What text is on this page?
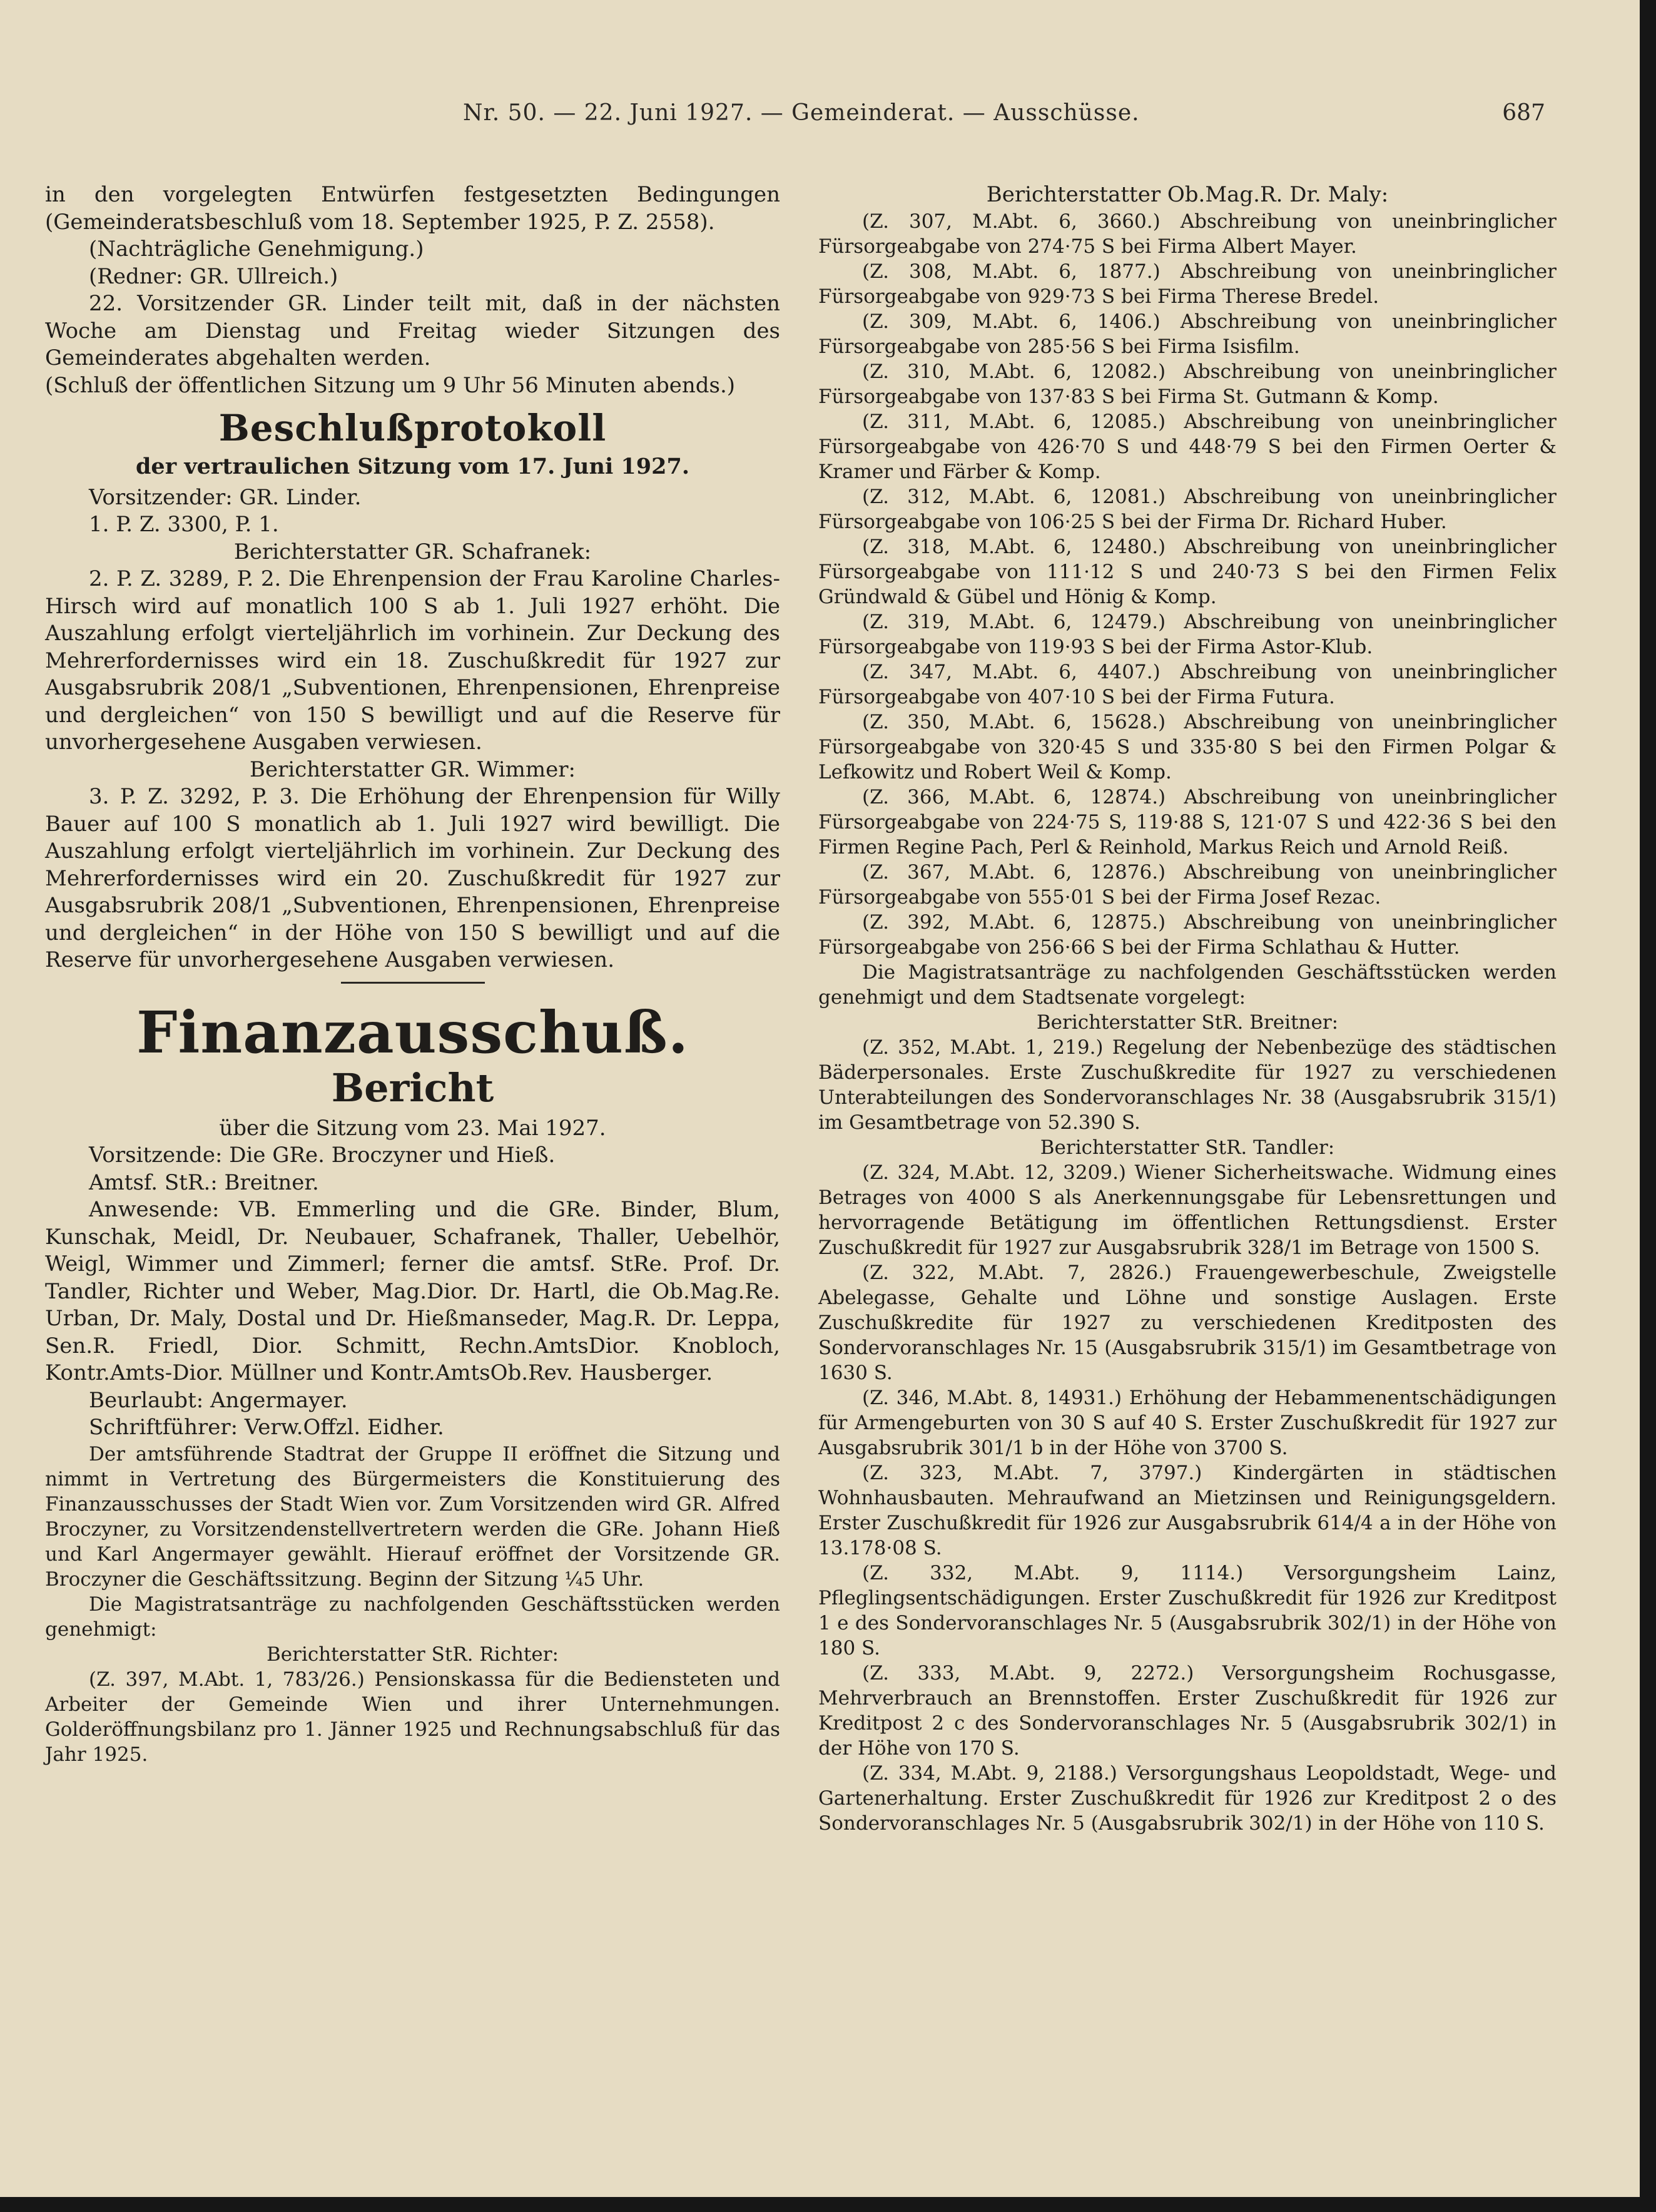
Nr. 50. — 22. Juni 1927. — Gemeinderat. — Ausschüsse.	687

in den vorgelegten Entwürfen festgesetzten Bedingungen (Gemeinderatsbeschluß vom 18. September 1925, P. Z. 2558).

(Nachträgliche Genehmigung.)

(Redner: GR. Ullreich.)

22. Vorsitzender GR. Linder teilt mit, daß in der nächsten Woche am Dienstag und Freitag wieder Sitzungen des Gemeinderates abgehalten werden.

(Schluß der öffentlichen Sitzung um 9 Uhr 56 Minuten abends.)

Beschlußprotokoll
der vertraulichen Sitzung vom 17. Juni 1927.

Vorsitzender: GR. Linder.

1. P. Z. 3300, P. 1.

Berichterstatter GR. Schafranek:

2. P. Z. 3289, P. 2. Die Ehrenpension der Frau Karoline Charles-Hirsch wird auf monatlich 100 S ab 1. Juli 1927 erhöht. Die Auszahlung erfolgt vierteljährlich im vorhinein. Zur Deckung des Mehrerfordernisses wird ein 18. Zuschußkredit für 1927 zur Ausgabsrubrik 208/1 „Subventionen, Ehrenpensionen, Ehrenpreise und dergleichen“ von 150 S bewilligt und auf die Reserve für unvorhergesehene Ausgaben verwiesen.

Berichterstatter GR. Wimmer:

3. P. Z. 3292, P. 3. Die Erhöhung der Ehrenpension für Willy Bauer auf 100 S monatlich ab 1. Juli 1927 wird bewilligt. Die Auszahlung erfolgt vierteljährlich im vorhinein. Zur Deckung des Mehrerfordernisses wird ein 20. Zuschußkredit für 1927 zur Ausgabsrubrik 208/1 „Subventionen, Ehrenpensionen, Ehrenpreise und dergleichen“ in der Höhe von 150 S bewilligt und auf die Reserve für unvorhergesehene Ausgaben verwiesen.

Finanzausschuß.
Bericht

über die Sitzung vom 23. Mai 1927.

Vorsitzende: Die GRe. Broczyner und Hieß.

Amtsf. StR.: Breitner.

Anwesende: VB. Emmerling und die GRe. Binder, Blum, Kunschak, Meidl, Dr. Neubauer, Schafranek, Thaller, Uebelhör, Weigl, Wimmer und Zimmerl; ferner die amtsf. StRe. Prof. Dr. Tandler, Richter und Weber, Mag.Dior. Dr. Hartl, die Ob.Mag.Re. Urban, Dr. Maly, Dostal und Dr. Hießmanseder, Mag.R. Dr. Leppa, Sen.R. Friedl, Dior. Schmitt, Rechn.AmtsDior. Knobloch, Kontr.Amts-Dior. Müllner und Kontr.AmtsOb.Rev. Hausberger.

Beurlaubt: Angermayer.

Schriftführer: Verw.Offzl. Eidher.

Der amtsführende Stadtrat der Gruppe II eröffnet die Sitzung und nimmt in Vertretung des Bürgermeisters die Konstituierung des Finanzausschusses der Stadt Wien vor. Zum Vorsitzenden wird GR. Alfred Broczyner, zu Vorsitzendenstellvertretern werden die GRe. Johann Hieß und Karl Angermayer gewählt. Hierauf eröffnet der Vorsitzende GR. Broczyner die Geschäftssitzung. Beginn der Sitzung ¼5 Uhr.

Die Magistratsanträge zu nachfolgenden Geschäftsstücken werden genehmigt:

Berichterstatter StR. Richter:

(Z. 397, M.Abt. 1, 783/26.) Pensionskassa für die Bediensteten und Arbeiter der Gemeinde Wien und ihrer Unternehmungen. Golderöffnungsbilanz pro 1. Jänner 1925 und Rechnungsabschluß für das Jahr 1925.

Berichterstatter Ob.Mag.R. Dr. Maly:

(Z. 307, M.Abt. 6, 3660.) Abschreibung von uneinbringlicher Fürsorgeabgabe von 274·75 S bei Firma Albert Mayer.

(Z. 308, M.Abt. 6, 1877.) Abschreibung von uneinbringlicher Fürsorgeabgabe von 929·73 S bei Firma Therese Bredel.

(Z. 309, M.Abt. 6, 1406.) Abschreibung von uneinbringlicher Fürsorgeabgabe von 285·56 S bei Firma Isisfilm.

(Z. 310, M.Abt. 6, 12082.) Abschreibung von uneinbringlicher Fürsorgeabgabe von 137·83 S bei Firma St. Gutmann & Komp.

(Z. 311, M.Abt. 6, 12085.) Abschreibung von uneinbringlicher Fürsorgeabgabe von 426·70 S und 448·79 S bei den Firmen Oerter & Kramer und Färber & Komp.

(Z. 312, M.Abt. 6, 12081.) Abschreibung von uneinbringlicher Fürsorgeabgabe von 106·25 S bei der Firma Dr. Richard Huber.

(Z. 318, M.Abt. 6, 12480.) Abschreibung von uneinbringlicher Fürsorgeabgabe von 111·12 S und 240·73 S bei den Firmen Felix Gründwald & Gübel und Hönig & Komp.

(Z. 319, M.Abt. 6, 12479.) Abschreibung von uneinbringlicher Fürsorgeabgabe von 119·93 S bei der Firma Astor-Klub.

(Z. 347, M.Abt. 6, 4407.) Abschreibung von uneinbringlicher Fürsorgeabgabe von 407·10 S bei der Firma Futura.

(Z. 350, M.Abt. 6, 15628.) Abschreibung von uneinbringlicher Fürsorgeabgabe von 320·45 S und 335·80 S bei den Firmen Polgar & Lefkowitz und Robert Weil & Komp.

(Z. 366, M.Abt. 6, 12874.) Abschreibung von uneinbringlicher Fürsorgeabgabe von 224·75 S, 119·88 S, 121·07 S und 422·36 S bei den Firmen Regine Pach, Perl & Reinhold, Markus Reich und Arnold Reiß.

(Z. 367, M.Abt. 6, 12876.) Abschreibung von uneinbringlicher Fürsorgeabgabe von 555·01 S bei der Firma Josef Rezac.

(Z. 392, M.Abt. 6, 12875.) Abschreibung von uneinbringlicher Fürsorgeabgabe von 256·66 S bei der Firma Schlathau & Hutter.

Die Magistratsanträge zu nachfolgenden Geschäftsstücken werden genehmigt und dem Stadtsenate vorgelegt:

Berichterstatter StR. Breitner:

(Z. 352, M.Abt. 1, 219.) Regelung der Nebenbezüge des städtischen Bäderpersonales. Erste Zuschußkredite für 1927 zu verschiedenen Unterabteilungen des Sondervoranschlages Nr. 38 (Ausgabsrubrik 315/1) im Gesamtbetrage von 52.390 S.

Berichterstatter StR. Tandler:

(Z. 324, M.Abt. 12, 3209.) Wiener Sicherheitswache. Widmung eines Betrages von 4000 S als Anerkennungsgabe für Lebensrettungen und hervorragende Betätigung im öffentlichen Rettungsdienst. Erster Zuschußkredit für 1927 zur Ausgabsrubrik 328/1 im Betrage von 1500 S.

(Z. 322, M.Abt. 7, 2826.) Frauengewerbeschule, Zweigstelle Abelegasse, Gehalte und Löhne und sonstige Auslagen. Erste Zuschußkredite für 1927 zu verschiedenen Kreditposten des Sondervoranschlages Nr. 15 (Ausgabsrubrik 315/1) im Gesamtbetrage von 1630 S.

(Z. 346, M.Abt. 8, 14931.) Erhöhung der Hebammenentschädigungen für Armengeburten von 30 S auf 40 S. Erster Zuschußkredit für 1927 zur Ausgabsrubrik 301/1 b in der Höhe von 3700 S.

(Z. 323, M.Abt. 7, 3797.) Kindergärten in städtischen Wohnhausbauten. Mehraufwand an Mietzinsen und Reinigungsgeldern. Erster Zuschußkredit für 1926 zur Ausgabsrubrik 614/4 a in der Höhe von 13.178·08 S.

(Z. 332, M.Abt. 9, 1114.) Versorgungsheim Lainz, Pfleglingsentschädigungen. Erster Zuschußkredit für 1926 zur Kreditpost 1 e des Sondervoranschlages Nr. 5 (Ausgabsrubrik 302/1) in der Höhe von 180 S.

(Z. 333, M.Abt. 9, 2272.) Versorgungsheim Rochusgasse, Mehrverbrauch an Brennstoffen. Erster Zuschußkredit für 1926 zur Kreditpost 2 c des Sondervoranschlages Nr. 5 (Ausgabsrubrik 302/1) in der Höhe von 170 S.

(Z. 334, M.Abt. 9, 2188.) Versorgungshaus Leopoldstadt, Wege- und Gartenerhaltung. Erster Zuschußkredit für 1926 zur Kreditpost 2 o des Sondervoranschlages Nr. 5 (Ausgabsrubrik 302/1) in der Höhe von 110 S.
